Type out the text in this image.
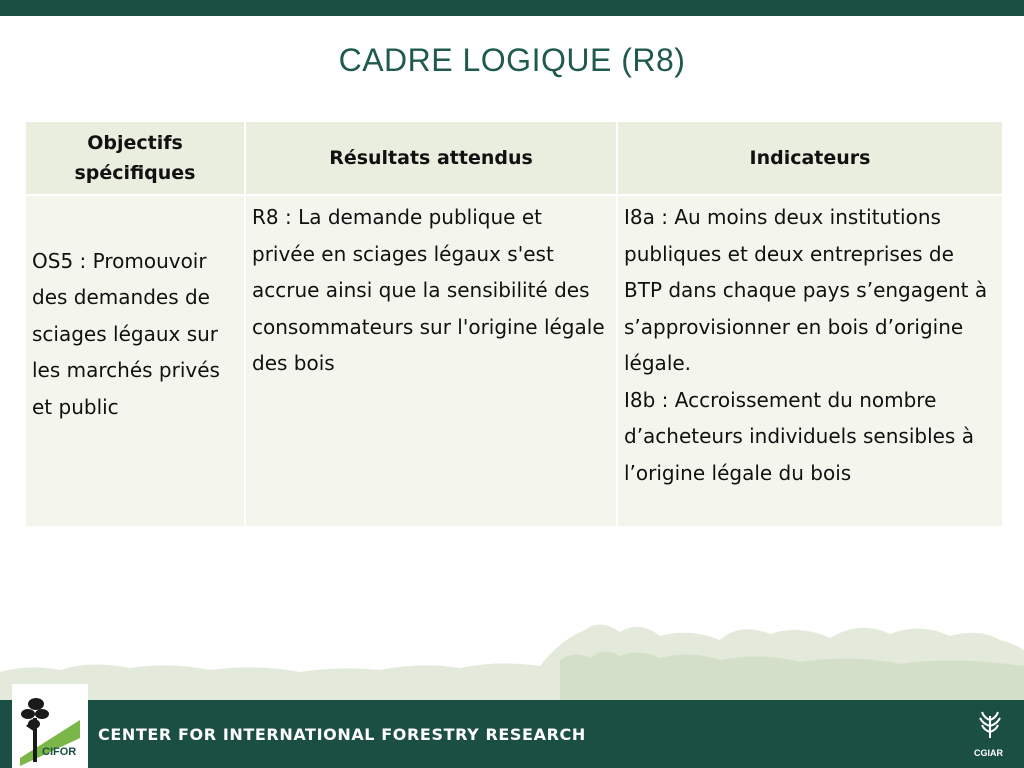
CADRE LOGIQUE (R8)
Objectifs spécifiques	Résultats attendus	Indicateurs
OS5 : Promouvoir des demandes de sciages légaux sur les marchés privés et public	R8 : La demande publique et privée en sciages légaux s'est accrue ainsi que la sensibilité des consommateurs sur l'origine légale des bois	I8a : Au moins deux institutions publiques et deux entreprises de BTP dans chaque pays s’engagent à s’approvisionner en bois d’origine légale.
I8b : Accroissement du nombre d’acheteurs individuels sensibles à l’origine légale du bois
CENTER FOR INTERNATIONAL FORESTRY RESEARCH
CGIAR
CIFOR
